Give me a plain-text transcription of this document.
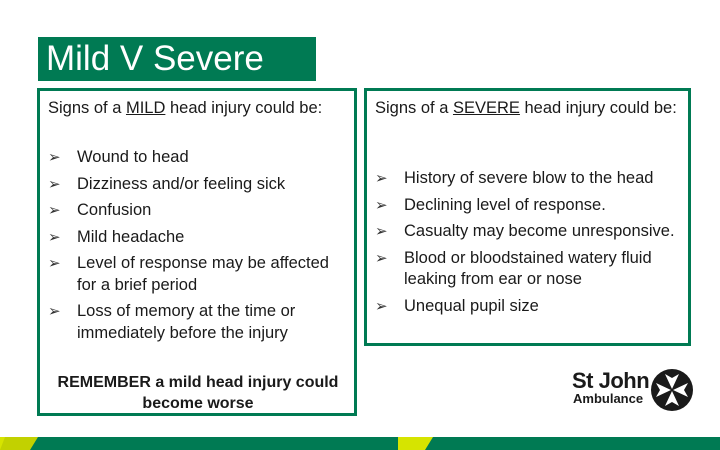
Mild V Severe
Signs of a MILD head injury could be:
➢ Wound to head
➢ Dizziness and/or feeling sick
➢ Confusion
➢ Mild headache
➢ Level of response may be affected for a brief period
➢ Loss of memory at the time or immediately before the injury
REMEMBER a mild head injury could become worse
Signs of a SEVERE head injury could be:
➢ History of severe blow to the head
➢ Declining level of response.
➢ Casualty may become unresponsive.
➢ Blood or bloodstained watery fluid leaking from ear or nose
➢ Unequal pupil size
St John
Ambulance
